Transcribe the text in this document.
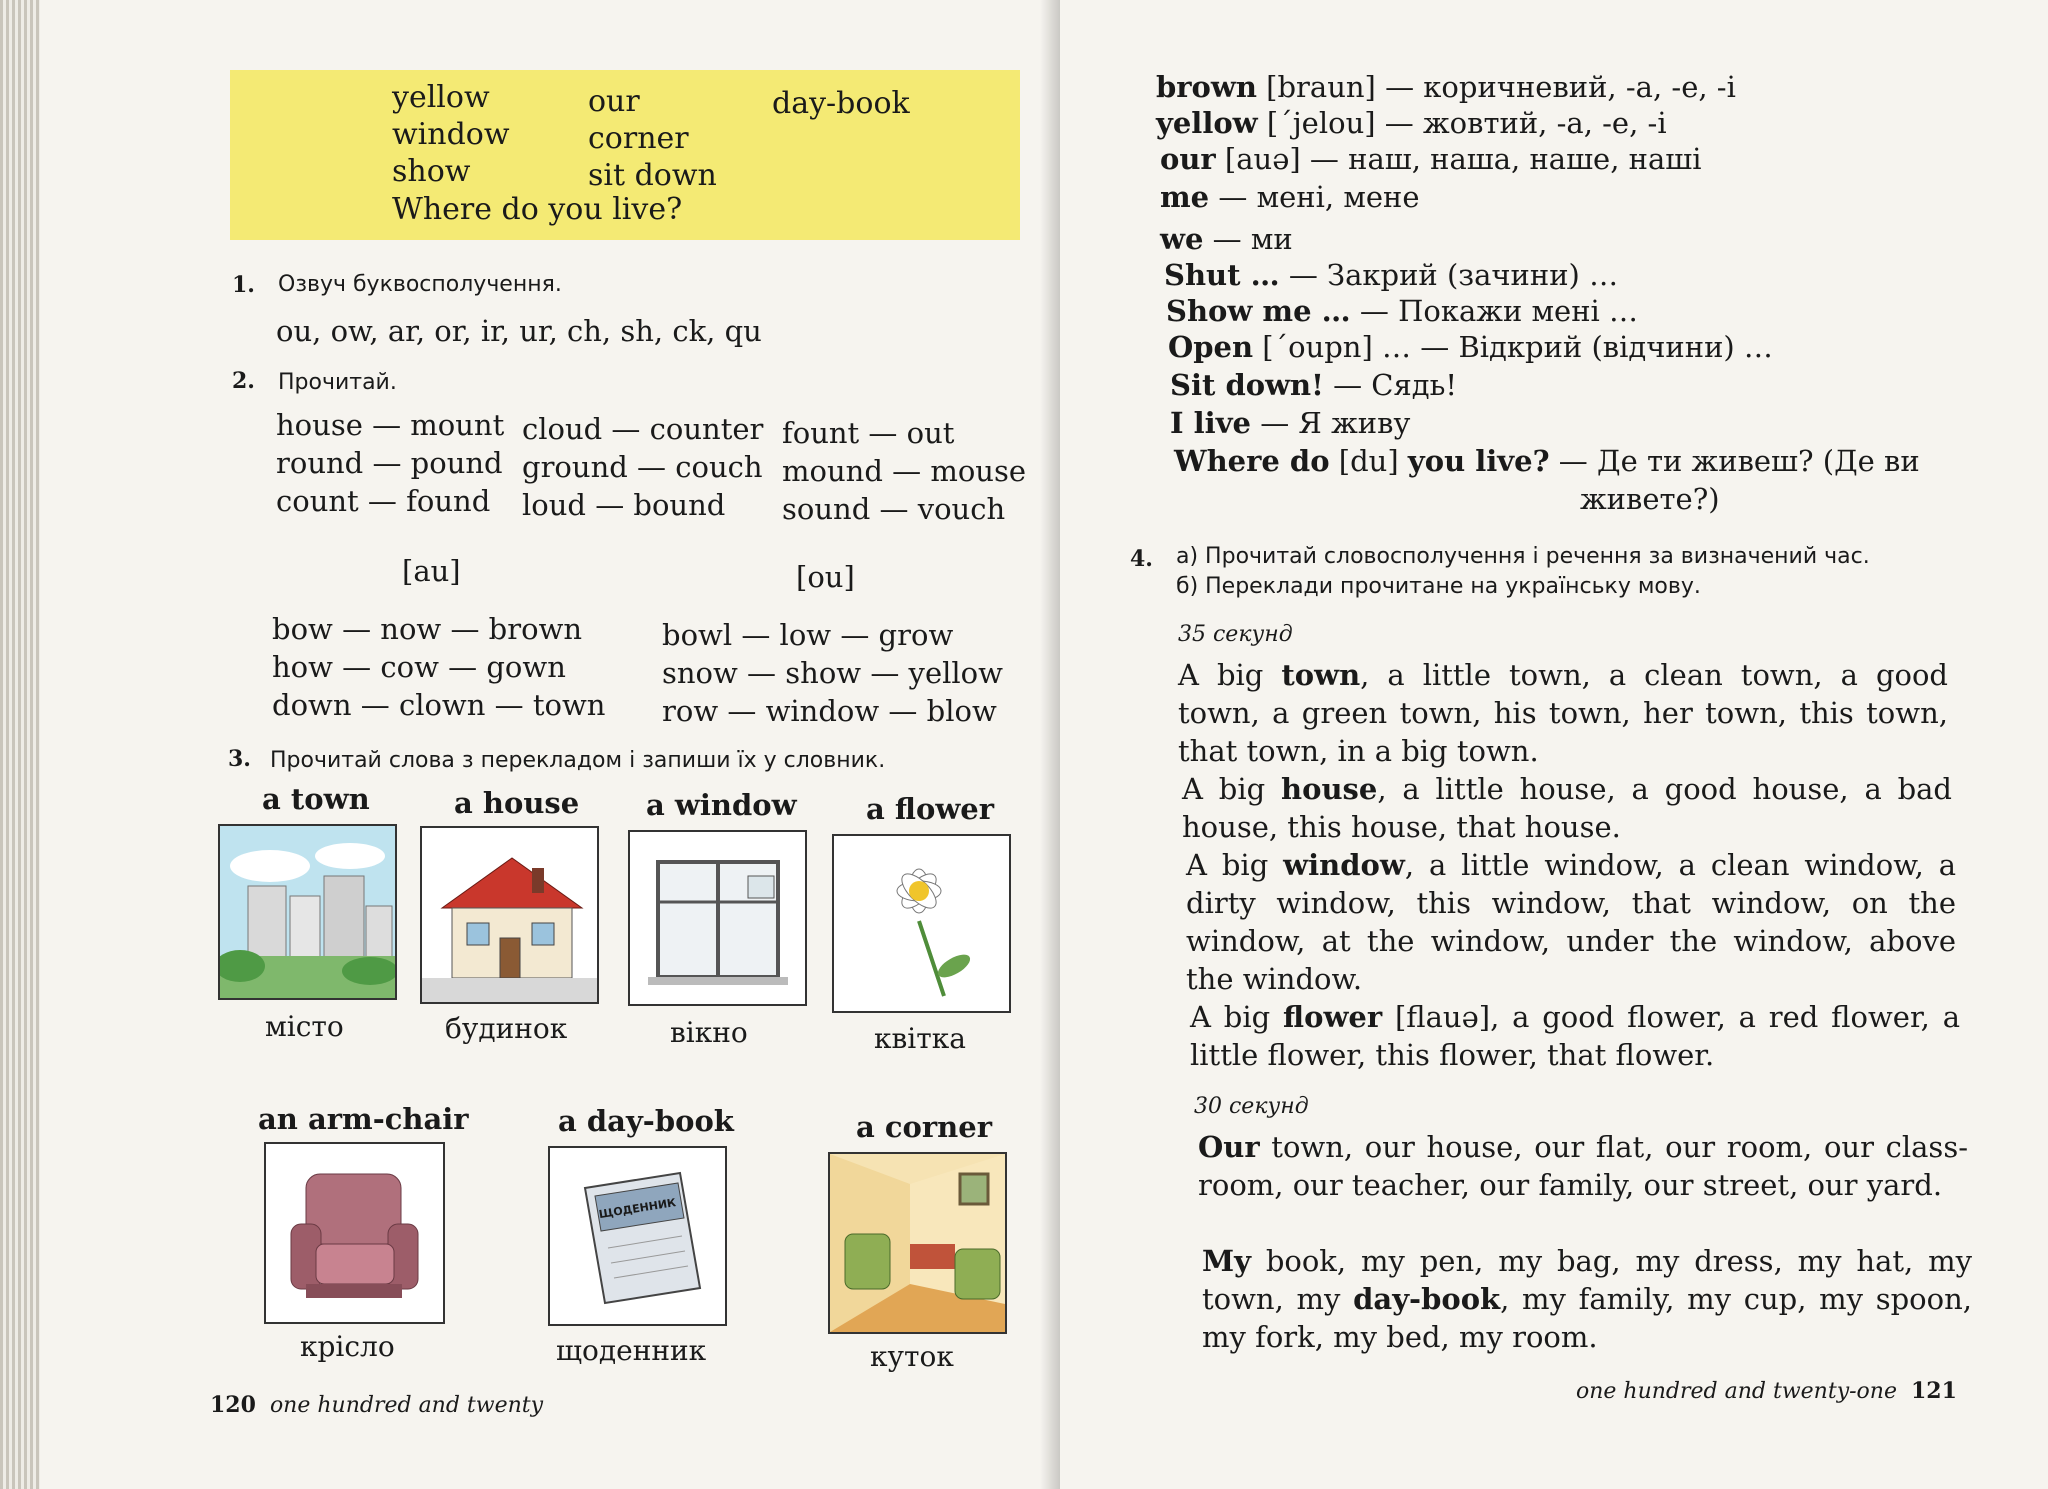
yellow	our	day-book
window	corner
show	sit down
Where do you live?
1. Озвуч буквосполучення.
ou, ow, ar, or, ir, ur, ch, sh, ck, qu
2. Прочитай.
house — mount cloud — counter fount — out
round — pound ground — couch mound — mouse
count — found loud — bound sound — vouch
[au]	[ou]
bow — now — brown
how — cow — gown
down — clown — town
bowl — low — grow
snow — show — yellow
row — window — blow
3. Прочитай слова з перекладом і запиши їх у словник.
a town
місто
a house
будинок
a window
вікно
a flower
квітка
an arm-chair
крісло
a day-book
ЩОДЕННИК
щоденник
a corner
куток
120 one hundred and twenty
brown [braun] — коричневий, -а, -е, -і
yellow [ˊjelou] — жовтий, -а, -е, -і
our [auə] — наш, наша, наше, наші
me — мені, мене
we — ми
Shut … — Закрий (зачини) …
Show me … — Покажи мені …
Open [ˊoupn] … — Відкрий (відчини) …
Sit down! — Сядь!
I live — Я живу
Where do [du] you live? — Де ти живеш? (Де ви
живете?)
4. а) Прочитай словосполучення і речення за визначений час.
б) Переклади прочитане на українську мову.
35 секунд
A big town, a little town, a clean town, a good town, a green town, his town, her town, this town, that town, in a big town.
A big house, a little house, a good house, a bad house, this house, that house.
A big window, a little window, a clean window, a dirty window, this window, that window, on the window, at the window, under the window, above the window.
A big flower [flauə], a good flower, a red flower, a little flower, this flower, that flower.
30 секунд
Our town, our house, our flat, our room, our class-room, our teacher, our family, our street, our yard.
My book, my pen, my bag, my dress, my hat, my town, my day-book, my family, my cup, my spoon, my fork, my bed, my room.
one hundred and twenty-one 121
